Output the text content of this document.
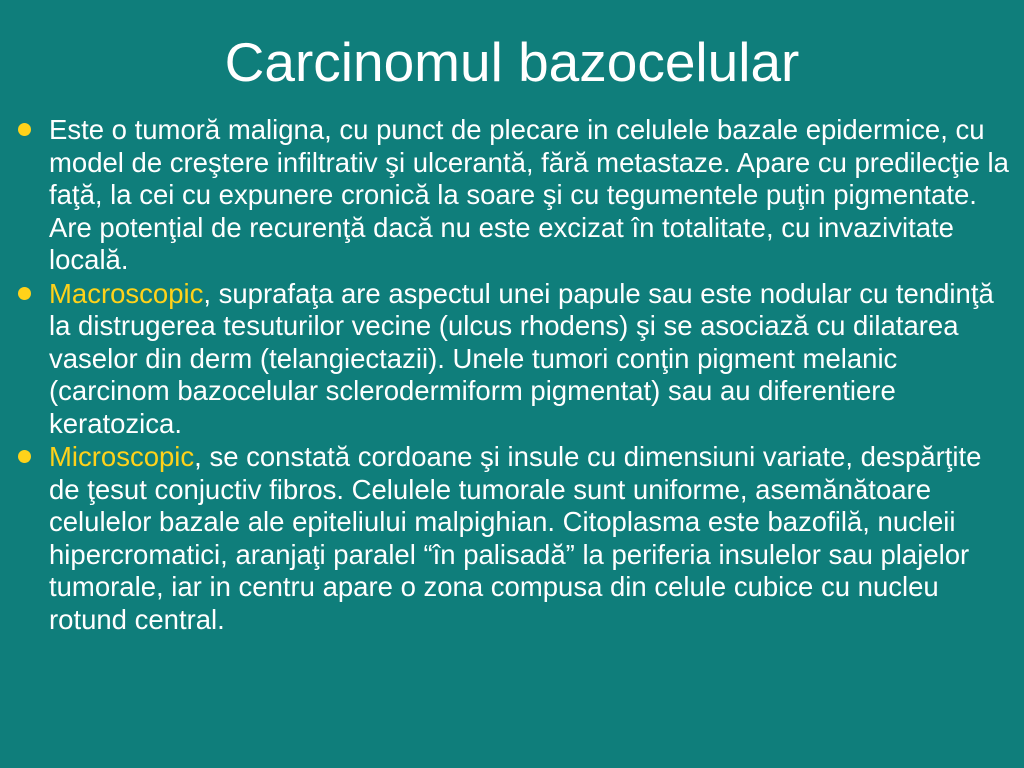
Carcinomul bazocelular
Este o tumoră maligna, cu punct de plecare in celulele bazale epidermice, cu model de creştere infiltrativ şi ulcerantă, fără metastaze. Apare cu predilecţie la faţă, la cei cu expunere cronică la soare şi cu tegumentele puţin pigmentate. Are potenţial de recurenţă dacă nu este excizat în totalitate, cu invazivitate locală.
Macroscopic, suprafaţa are aspectul unei papule sau este nodular cu tendinţă la distrugerea tesuturilor vecine (ulcus rhodens) şi se asociază cu dilatarea vaselor din derm (telangiectazii). Unele tumori conţin pigment melanic (carcinom bazocelular sclerodermiform pigmentat) sau au diferentiere keratozica.
Microscopic, se constată cordoane şi insule cu dimensiuni variate, despărţite de ţesut conjuctiv fibros. Celulele tumorale sunt uniforme, asemănătoare celulelor bazale ale epiteliului malpighian. Citoplasma este bazofilă, nucleii hipercromatici, aranjaţi paralel “în palisadă” la periferia insulelor sau plajelor tumorale, iar in centru apare o zona compusa din celule cubice cu nucleu rotund central.
